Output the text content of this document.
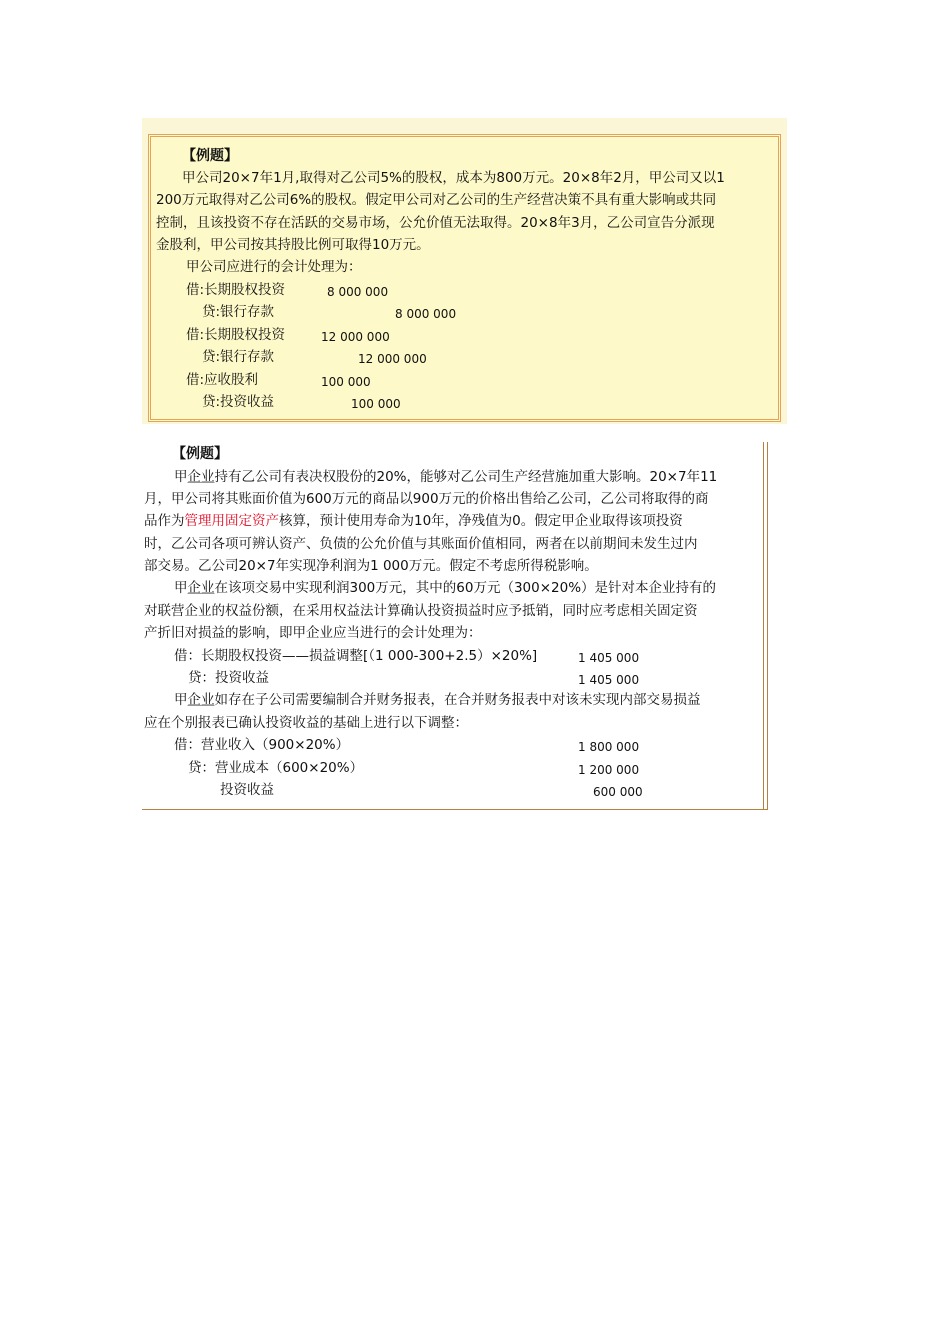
【例题】
甲公司20×7年1月,取得对乙公司5%的股权，成本为800万元。20×8年2月，甲公司又以1
200万元取得对乙公司6%的股权。假定甲公司对乙公司的生产经营决策不具有重大影响或共同
控制，且该投资不存在活跃的交易市场，公允价值无法取得。20×8年3月，乙公司宣告分派现
金股利，甲公司按其持股比例可取得10万元。
甲公司应进行的会计处理为：
借:长期股权投资	8 000 000
贷:银行存款	8 000 000
借:长期股权投资	12 000 000
贷:银行存款	12 000 000
借:应收股利	100 000
贷:投资收益	100 000
【例题】
甲企业持有乙公司有表决权股份的20%，能够对乙公司生产经营施加重大影响。20×7年11
月，甲公司将其账面价值为600万元的商品以900万元的价格出售给乙公司，乙公司将取得的商
品作为管理用固定资产核算，预计使用寿命为10年，净残值为0。假定甲企业取得该项投资
时，乙公司各项可辨认资产、负债的公允价值与其账面价值相同，两者在以前期间未发生过内
部交易。乙公司20×7年实现净利润为1 000万元。假定不考虑所得税影响。
甲企业在该项交易中实现利润300万元，其中的60万元（300×20%）是针对本企业持有的
对联营企业的权益份额，在采用权益法计算确认投资损益时应予抵销，同时应考虑相关固定资
产折旧对损益的影响，即甲企业应当进行的会计处理为：
借：长期股权投资——损益调整[（1 000-300+2.5）×20%]	1 405 000
贷：投资收益	1 405 000
甲企业如存在子公司需要编制合并财务报表，在合并财务报表中对该未实现内部交易损益
应在个别报表已确认投资收益的基础上进行以下调整：
借：营业收入（900×20%）	1 800 000
贷：营业成本（600×20%）	1 200 000
投资收益	600 000
